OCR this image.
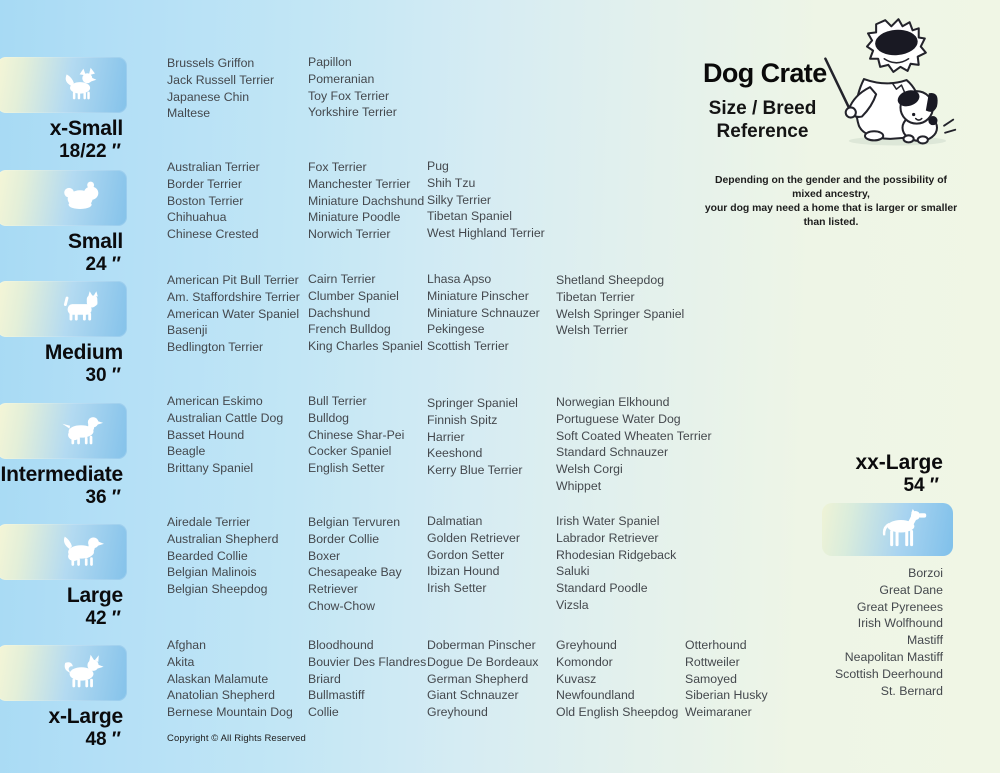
x-Small
18/22 ″
Small
24 ″
Medium
30 ″
Intermediate
36 ″
Large
42 ″
x-Large
48 ″
Dog Crate
Size / Breed
Reference
Depending on the gender and the possibility of mixed ancestry,
your dog may need a home that is larger or smaller than listed.
xx-Large
54 ″
Borzoi
Great Dane
Great Pyrenees
Irish Wolfhound
Mastiff
Neapolitan Mastiff
Scottish Deerhound
St. Bernard
Brussels Griffon
Jack Russell Terrier
Japanese Chin
Maltese
Papillon
Pomeranian
Toy Fox Terrier
Yorkshire Terrier
Australian Terrier
Border Terrier
Boston Terrier
Chihuahua
Chinese Crested
Fox Terrier
Manchester Terrier
Miniature Dachshund
Miniature Poodle
Norwich Terrier
Pug
Shih Tzu
Silky Terrier
Tibetan Spaniel
West Highland Terrier
American Pit Bull Terrier
Am. Staffordshire Terrier
American Water Spaniel
Basenji
Bedlington Terrier
Cairn Terrier
Clumber Spaniel
Dachshund
French Bulldog
King Charles Spaniel
Lhasa Apso
Miniature Pinscher
Miniature Schnauzer
Pekingese
Scottish Terrier
Shetland Sheepdog
Tibetan Terrier
Welsh Springer Spaniel
Welsh Terrier
American Eskimo
Australian Cattle Dog
Basset Hound
Beagle
Brittany Spaniel
Bull Terrier
Bulldog
Chinese Shar-Pei
Cocker Spaniel
English Setter
Springer Spaniel
Finnish Spitz
Harrier
Keeshond
Kerry Blue Terrier
Norwegian Elkhound
Portuguese Water Dog
Soft Coated Wheaten Terrier
Standard Schnauzer
Welsh Corgi
Whippet
Airedale Terrier
Australian Shepherd
Bearded Collie
Belgian Malinois
Belgian Sheepdog
Belgian Tervuren
Border Collie
Boxer
Chesapeake Bay Retriever
Chow-Chow
Dalmatian
Golden Retriever
Gordon Setter
Ibizan Hound
Irish Setter
Irish Water Spaniel
Labrador Retriever
Rhodesian Ridgeback
Saluki
Standard Poodle
Vizsla
Afghan
Akita
Alaskan Malamute
Anatolian Shepherd
Bernese Mountain Dog
Bloodhound
Bouvier Des Flandres
Briard
Bullmastiff
Collie
Doberman Pinscher
Dogue De Bordeaux
German Shepherd
Giant Schnauzer
Greyhound
Greyhound
Komondor
Kuvasz
Newfoundland
Old English Sheepdog
Otterhound
Rottweiler
Samoyed
Siberian Husky
Weimaraner
Copyright © All Rights Reserved
